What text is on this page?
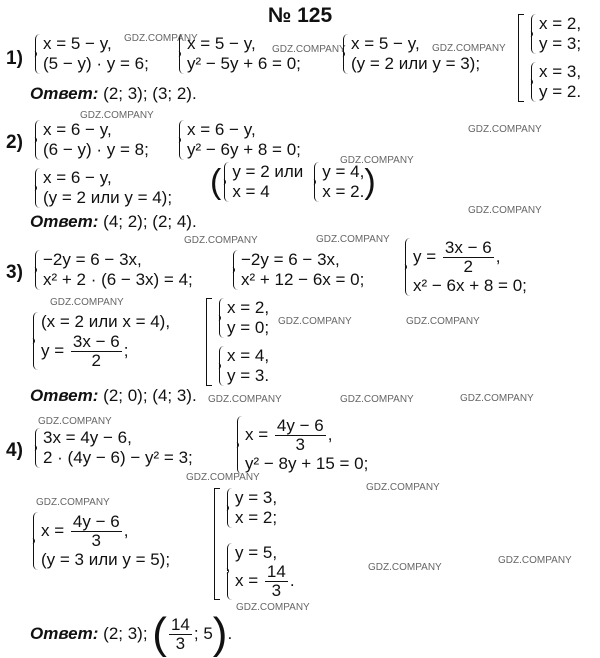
№ 125
GDZ.COMPANY
GDZ.COMPANY	GDZ.COMPANY
GDZ.COMPANY
GDZ.COMPANY
GDZ.COMPANY
GDZ.COMPANY
GDZ.COMPANY	GDZ.COMPANY
GDZ.COMPANY
GDZ.COMPANY	GDZ.COMPANY
GDZ.COMPANY	GDZ.COMPANY	GDZ.COMPANY
GDZ.COMPANY
GDZ.COMPANY
GDZ.COMPANY
GDZ.COMPANY
GDZ.COMPANY
GDZ.COMPANY
GDZ.COMPANY
1)
x = 5 − y,
(5 − y) · y = 6;
x = 5 − y,
y² − 5y + 6 = 0;
x = 5 − y,
(y = 2 или y = 3);
x = 2,
y = 3;
x = 3,
y = 2.
Ответ: (2; 3); (3; 2).
2)
x = 6 − y,
(6 − y) · y = 8;
x = 6 − y,
y² − 6y + 8 = 0;
x = 6 − y,
(y = 2 или y = 4); ( y = 2 или
x = 4
y = 4,
x = 2. )
Ответ: (4; 2); (2; 4).
3)
−2y = 6 − 3x,
x² + 2 · (6 − 3x) = 4;
−2y = 6 − 3x,
x² + 12 − 6x = 0;
$y = \frac{3x - 6}{2}$ ,
x² − 6x + 8 = 0;
(x = 2 или x = 4),
$y = \frac{3x - 6}{2}$ ;
x = 2,
y = 0;
x = 4,
y = 3.
Ответ: (2; 0); (4; 3).
4)
3x = 4y − 6,
2 · (4y − 6) − y² = 3;
$x = \frac{4y - 6}{3}$ ,
y² − 8y + 15 = 0;
$x = \frac{4y - 6}{3}$ ,
(y = 3 или y = 5);
y = 3,
x = 2;
y = 5,
$x = \frac{14}{3}$ .
Ответ:
(2; 3);
( $\frac{14}{3}$ ; 5 ) .
